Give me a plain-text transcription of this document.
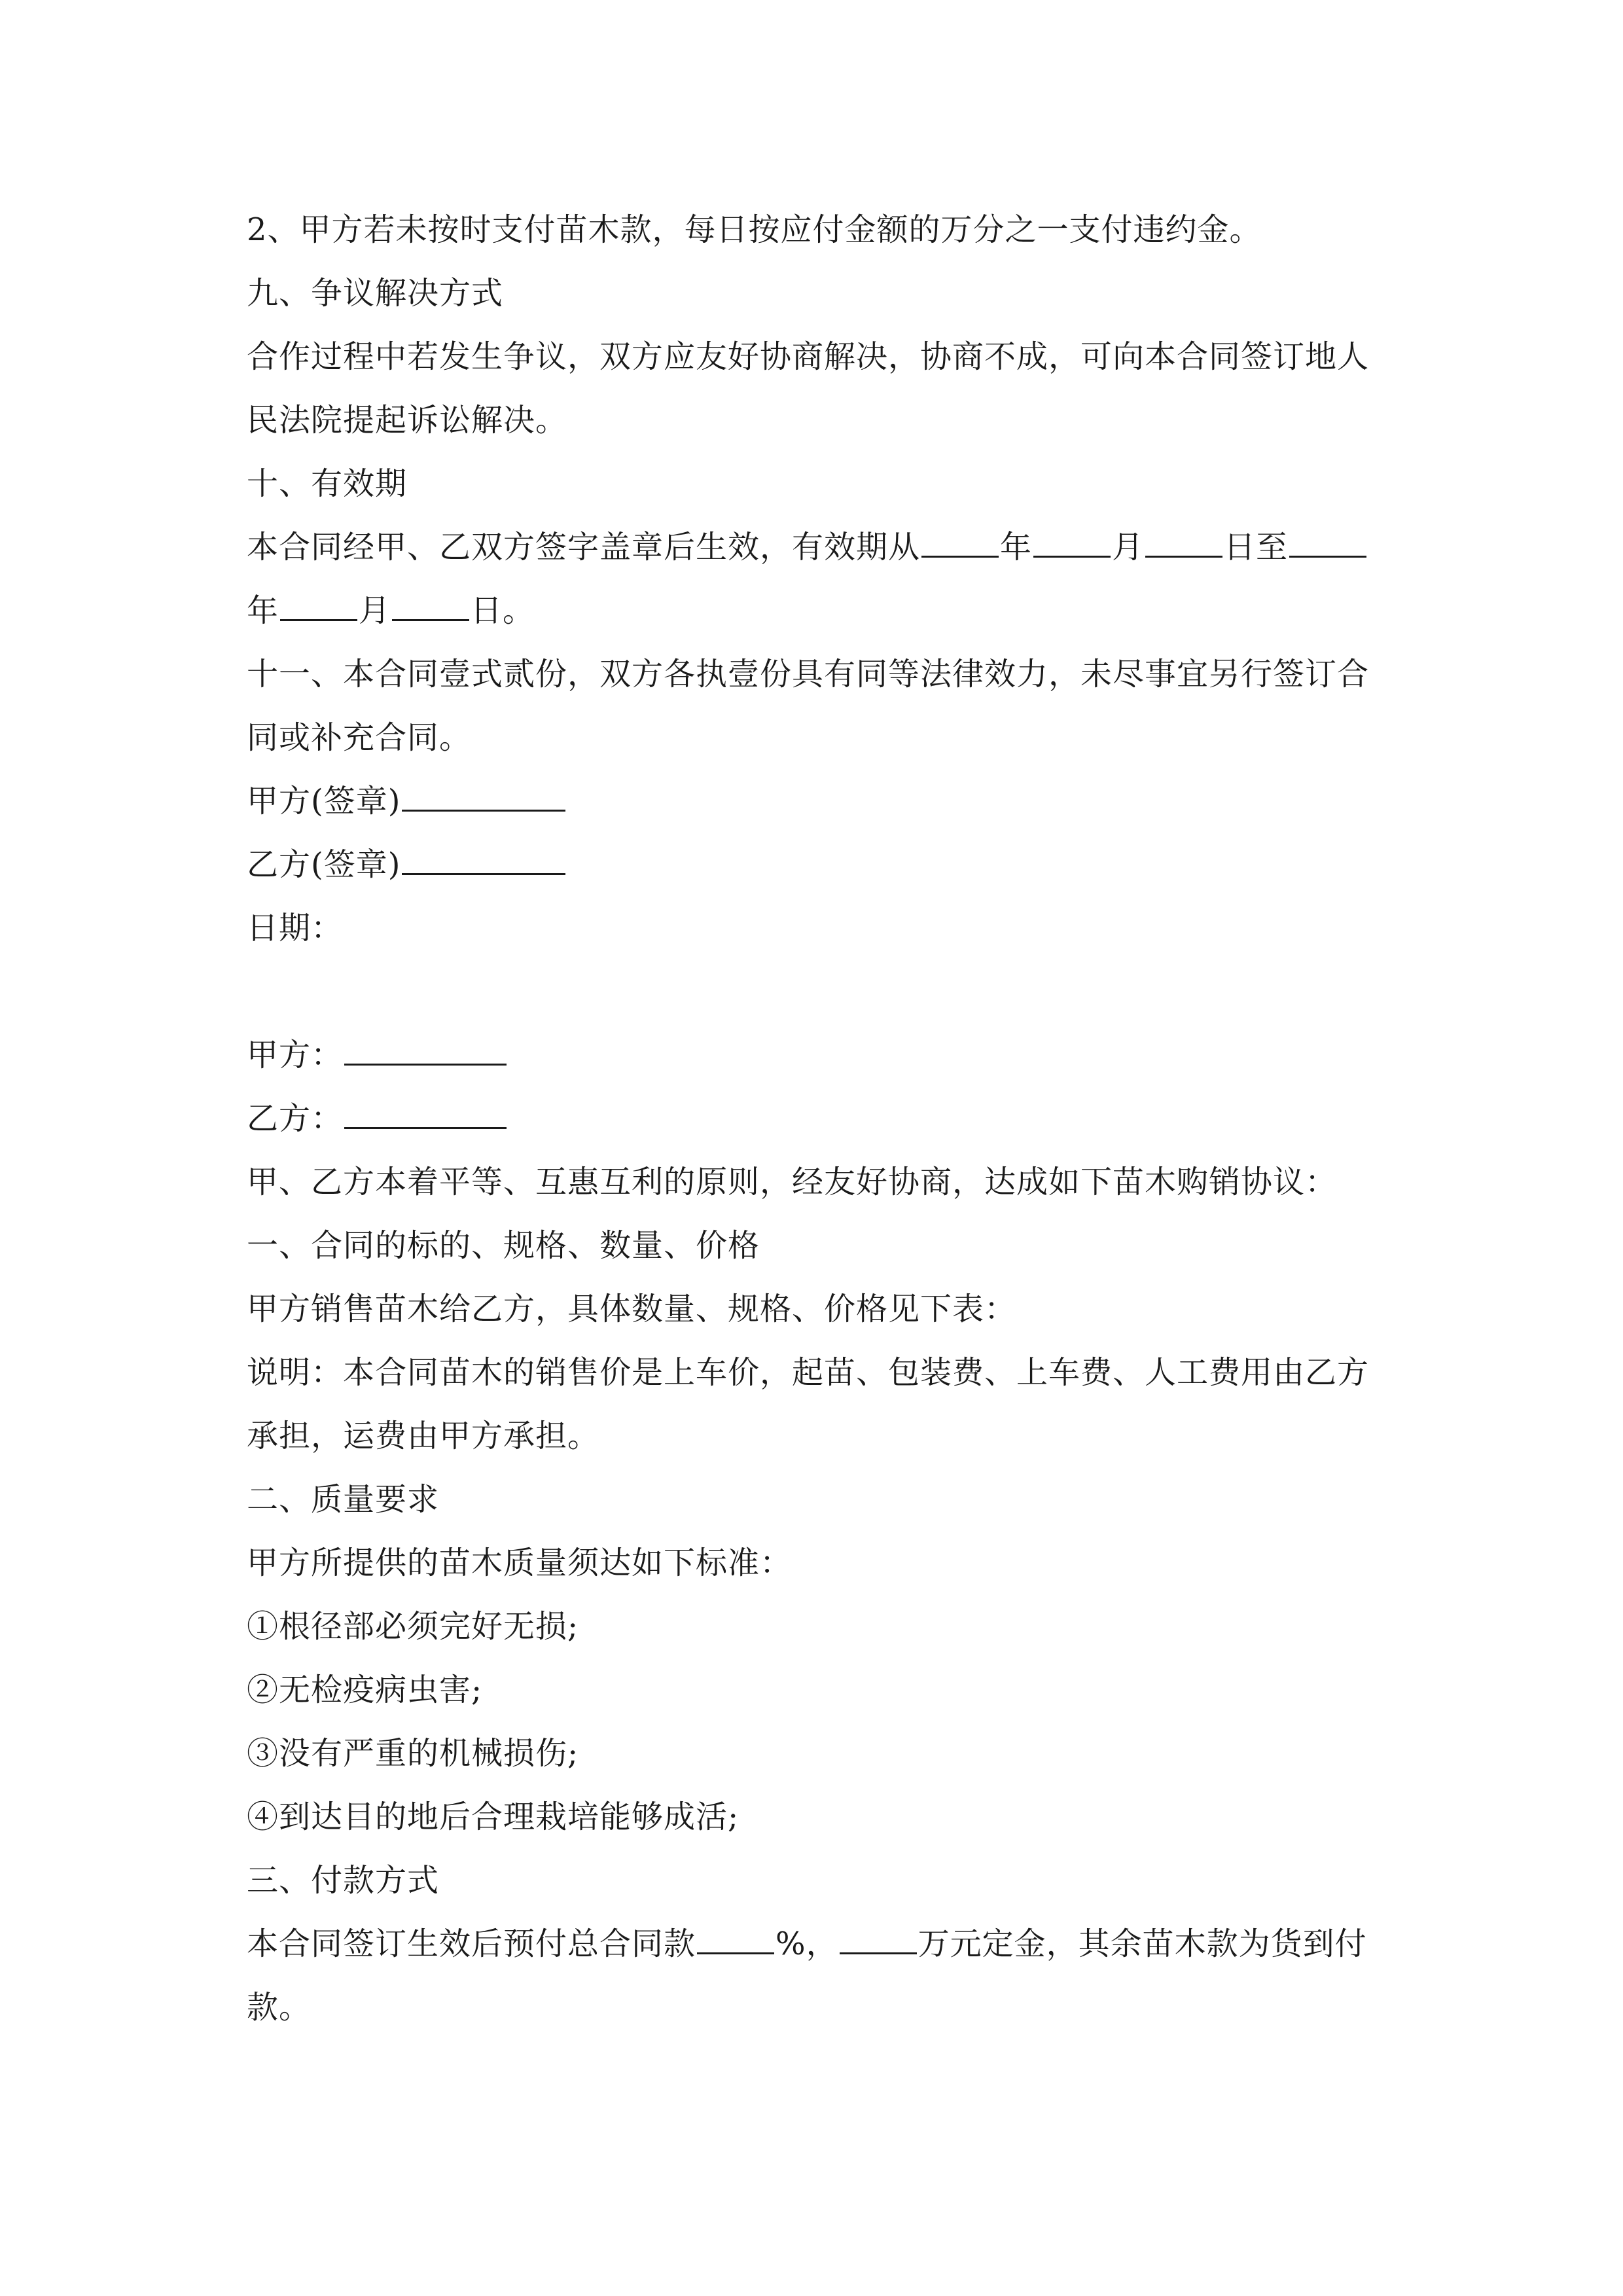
2、甲方若未按时支付苗木款，每日按应付金额的万分之一支付违约金。
九、争议解决方式
合作过程中若发生争议，双方应友好协商解决，协商不成，可向本合同签订地人
民法院提起诉讼解决。
十、有效期
本合同经甲、乙双方签字盖章后生效，有效期从	年	月	日至
年	月	日。
十一、本合同壹式贰份，双方各执壹份具有同等法律效力，未尽事宜另行签订合
同或补充合同。
甲方(签章)
乙方(签章)
日期：
甲方：
乙方：
甲、乙方本着平等、互惠互利的原则，经友好协商，达成如下苗木购销协议：
一、合同的标的、规格、数量、价格
甲方销售苗木给乙方，具体数量、规格、价格见下表：
说明：本合同苗木的销售价是上车价，起苗、包装费、上车费、人工费用由乙方
承担，运费由甲方承担。
二、质量要求
甲方所提供的苗木质量须达如下标准：
①根径部必须完好无损;
②无检疫病虫害;
③没有严重的机械损伤;
④到达目的地后合理栽培能够成活;
三、付款方式
本合同签订生效后预付总合同款	%，	万元定金，其余苗木款为货到付
款。
